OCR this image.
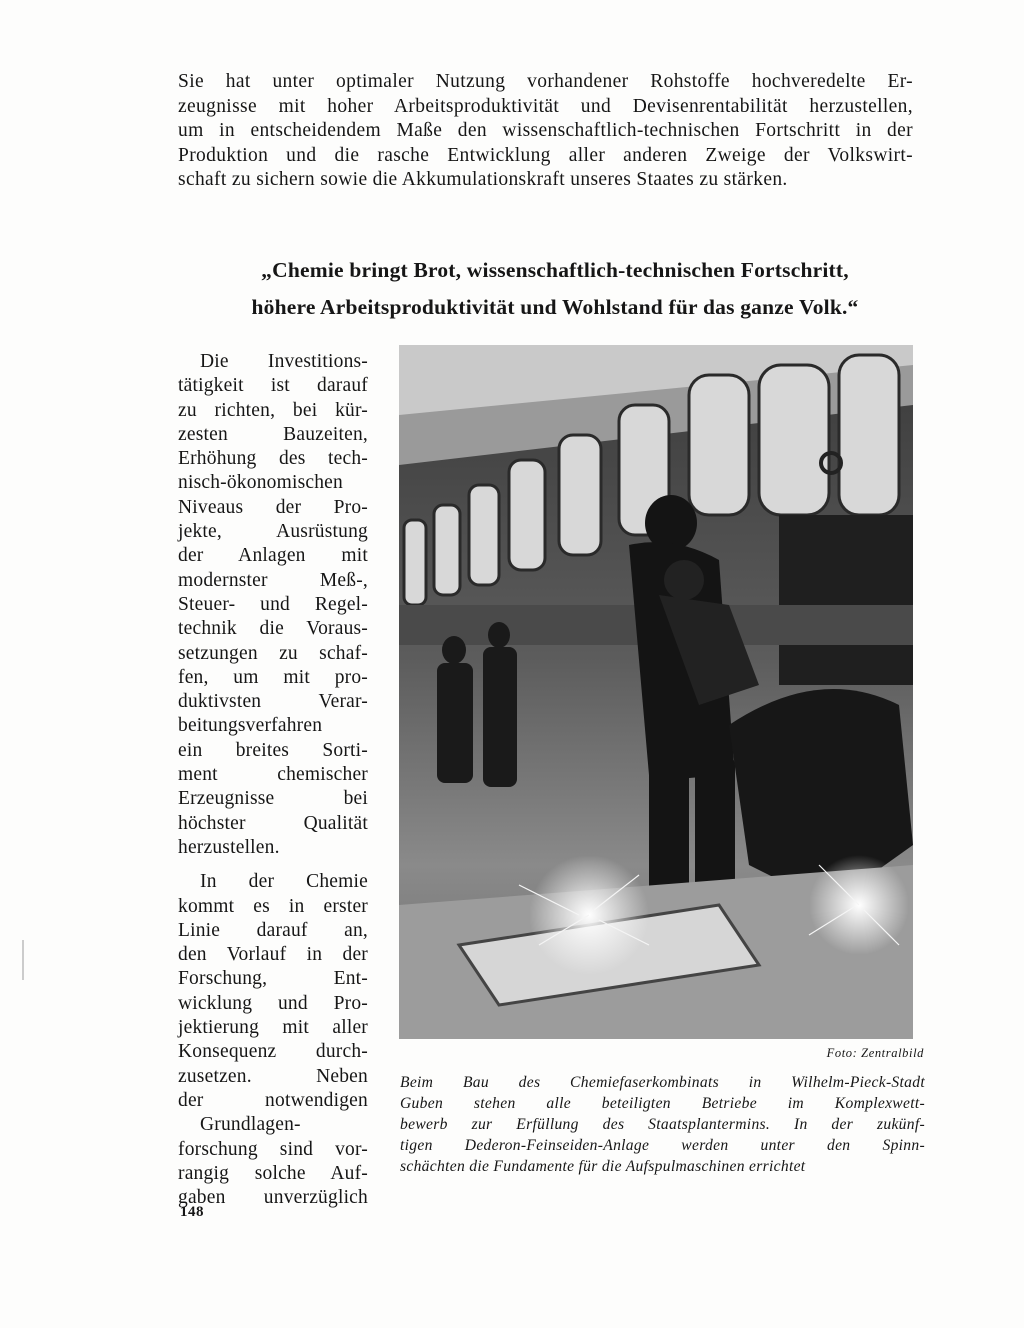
Sie hat unter optimaler Nutzung vorhandener Rohstoffe hochveredelte Er-
zeugnisse mit hoher Arbeitsproduktivität und Devisenrentabilität herzustellen,
um in entscheidendem Maße den wissenschaftlich-technischen Fortschritt in der
Produktion und die rasche Entwicklung aller anderen Zweige der Volkswirt-
schaft zu sichern sowie die Akkumulationskraft unseres Staates zu stärken.
„Chemie bringt Brot, wissenschaftlich-technischen Fortschritt,
höhere Arbeitsproduktivität und Wohlstand für das ganze Volk.“
Die Investitions-
tätigkeit ist darauf
zu richten, bei kür-
zesten Bauzeiten,
Erhöhung des tech-
nisch-ökonomischen
Niveaus der Pro-
jekte, Ausrüstung
der Anlagen mit
modernster Meß-,
Steuer- und Regel-
technik die Voraus-
setzungen zu schaf-
fen, um mit pro-
duktivsten Verar-
beitungsverfahren
ein breites Sorti-
ment chemischer
Erzeugnisse bei
höchster Qualität
herzustellen.
In der Chemie
kommt es in erster
Linie darauf an,
den Vorlauf in der
Forschung, Ent-
wicklung und Pro-
jektierung mit aller
Konsequenz durch-
zusetzen. Neben
der notwendigen
Grundlagen-
forschung sind vor-
rangig solche Auf-
gaben unverzüglich
Foto: Zentralbild
Beim Bau des Chemiefaserkombinats in Wilhelm-Pieck-Stadt
Guben stehen alle beteiligten Betriebe im Komplexwett-
bewerb zur Erfüllung des Staatsplantermins. In der zukünf-
tigen Dederon-Feinseiden-Anlage werden unter den Spinn-
schächten die Fundamente für die Aufspulmaschinen errichtet
148
